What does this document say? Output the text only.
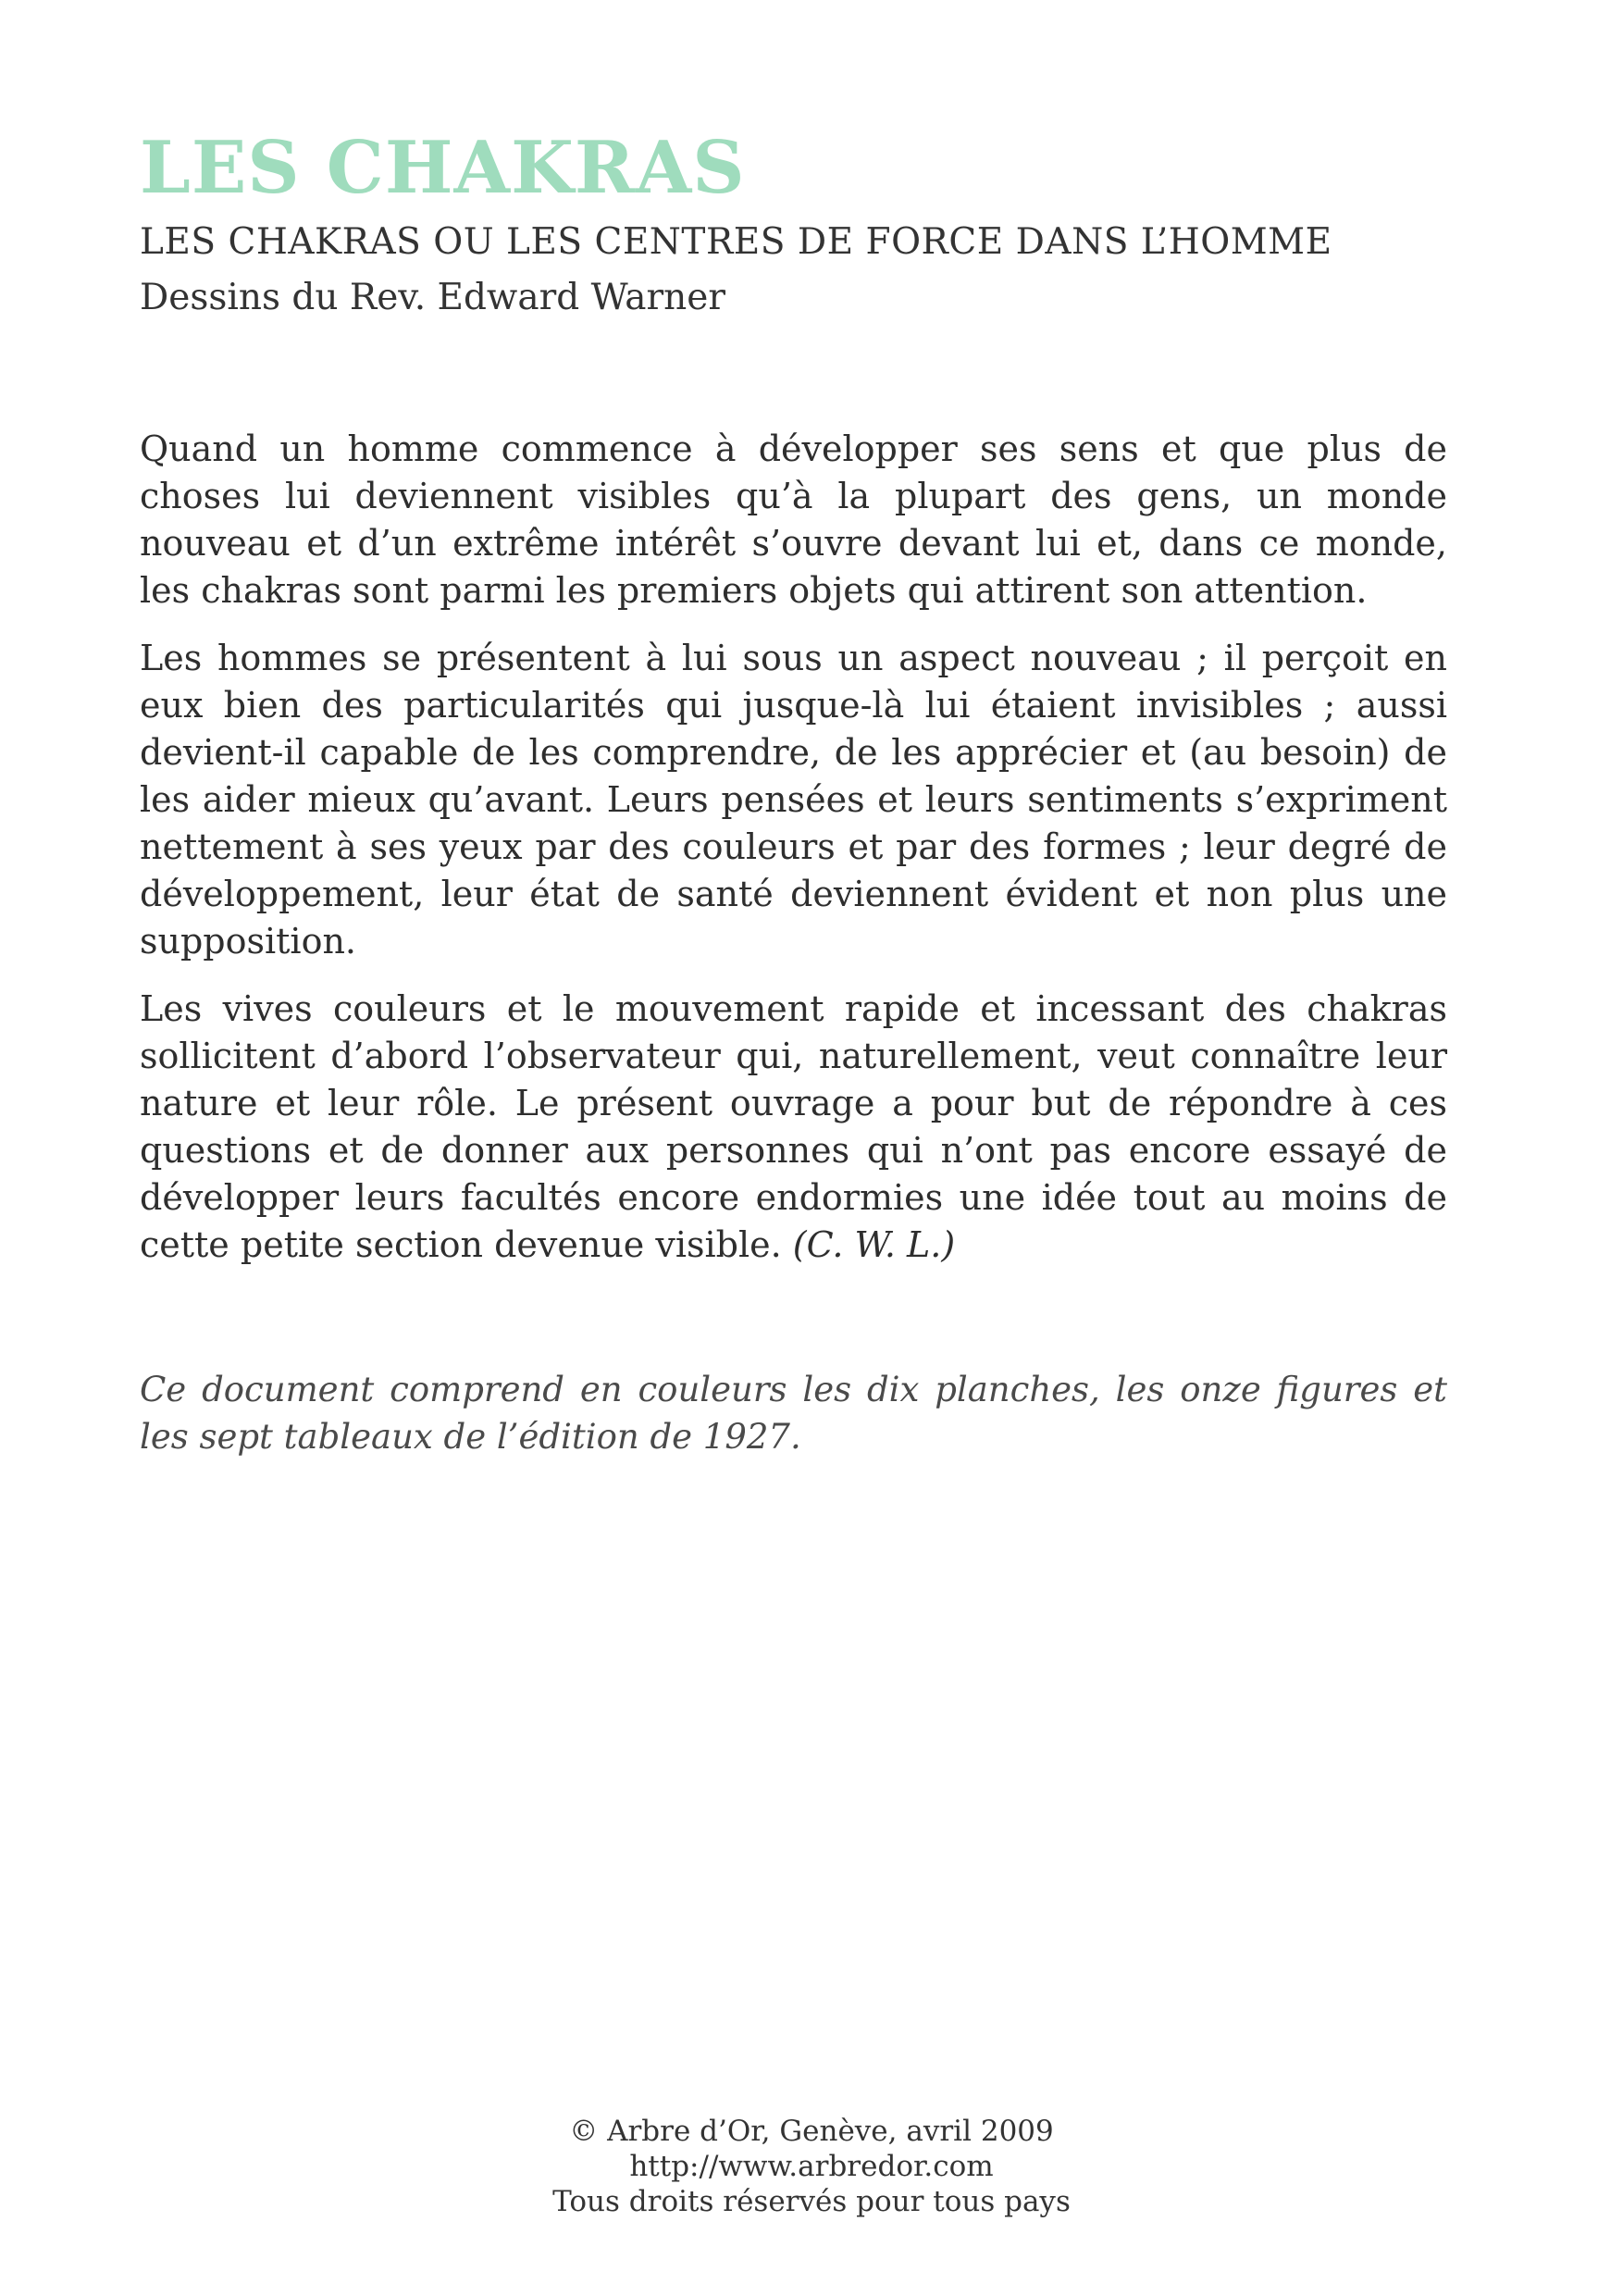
LES CHAKRAS
LES CHAKRAS OU LES CENTRES DE FORCE DANS L’HOMME
Dessins du Rev. Edward Warner

Quand un homme commence à développer ses sens et que plus de choses lui deviennent visibles qu’à la plupart des gens, un monde nouveau et d’un extrême intérêt s’ouvre devant lui et, dans ce monde, les chakras sont parmi les premiers objets qui attirent son attention.

Les hommes se présentent à lui sous un aspect nouveau ; il perçoit en eux bien des particularités qui jusque-là lui étaient invisibles ; aussi devient-il capable de les comprendre, de les apprécier et (au besoin) de les aider mieux qu’avant. Leurs pensées et leurs sentiments s’expriment nettement à ses yeux par des couleurs et par des formes ; leur degré de développement, leur état de santé deviennent évident et non plus une supposition.

Les vives couleurs et le mouvement rapide et incessant des chakras sollicitent d’abord l’observateur qui, naturellement, veut connaître leur nature et leur rôle. Le présent ouvrage a pour but de répondre à ces questions et de donner aux personnes qui n’ont pas encore essayé de développer leurs facultés encore endormies une idée tout au moins de cette petite section devenue visible. (C. W. L.)

Ce document comprend en couleurs les dix planches, les onze figures et les sept tableaux de l’édition de 1927.

© Arbre d’Or, Genève, avril 2009
http://www.arbredor.com
Tous droits réservés pour tous pays
